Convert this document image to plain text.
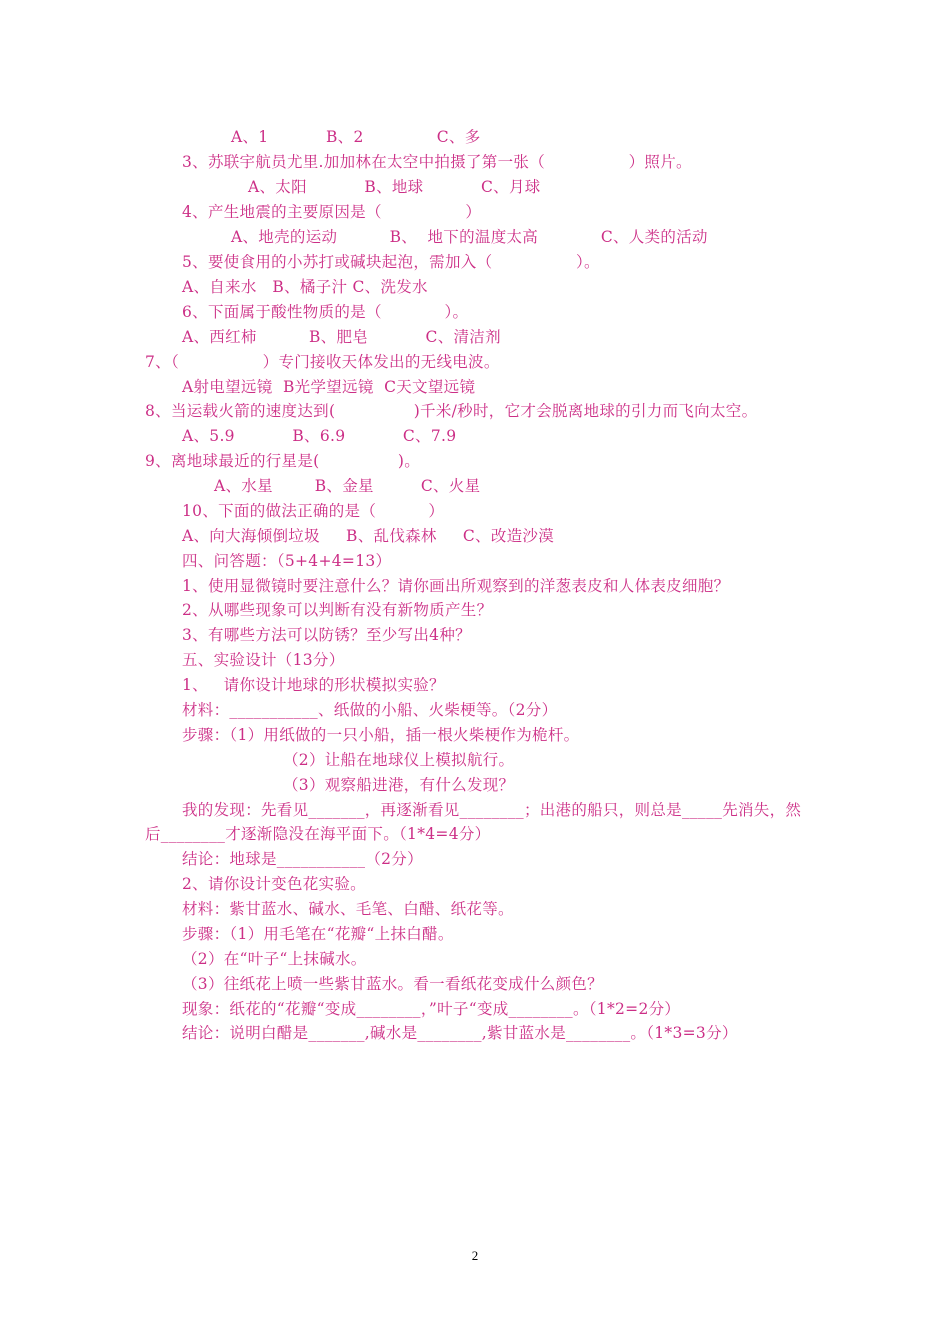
A、1           B、2              C、多
3、苏联宇航员尤里.加加林在太空中拍摄了第一张（                ）照片。
A、太阳           B、地球           C、月球
4、产生地震的主要原因是（                ）
A、地壳的运动          B、  地下的温度太高            C、人类的活动
5、要使食用的小苏打或碱块起泡，需加入（                ）。
A、自来水   B、橘子汁 C、洗发水
6、下面属于酸性物质的是（            ）。
A、西红柿          B、肥皂           C、清洁剂
7、（                ）专门接收天体发出的无线电波。
A射电望远镜  B光学望远镜  C天文望远镜
8、当运载火箭的速度达到(               )千米/秒时，它才会脱离地球的引力而飞向太空。
A、5.9           B、6.9           C、7.9
9、离地球最近的行星是(               )。
A、水星        B、金星         C、火星
10、下面的做法正确的是（          ）
A、向大海倾倒垃圾     B、乱伐森林     C、改造沙漠
四、问答题：（5+4+4=13）
1、使用显微镜时要注意什么？请你画出所观察到的洋葱表皮和人体表皮细胞？
2、从哪些现象可以判断有没有新物质产生？
3、有哪些方法可以防锈？至少写出4种？
五、实验设计（13分）
1、   请你设计地球的形状模拟实验？
材料：___________、纸做的小船、火柴梗等。（2分）
步骤：（1）用纸做的一只小船，插一根火柴梗作为桅杆。
（2）让船在地球仪上模拟航行。
（3）观察船进港，有什么发现？
我的发现：先看见_______，再逐渐看见________；出港的船只，则总是_____先消失，然
后________才逐渐隐没在海平面下。（1*4=4分）
结论：地球是___________（2分）
2、请你设计变色花实验。
材料：紫甘蓝水、碱水、毛笔、白醋、纸花等。
步骤：（1）用毛笔在“花瓣“上抹白醋。
（2）在“叶子“上抹碱水。
（3）往纸花上喷一些紫甘蓝水。看一看纸花变成什么颜色？
现象：纸花的“花瓣“变成________，”叶子“变成________。（1*2=2分）
结论：说明白醋是_______,碱水是________,紫甘蓝水是________。（1*3=3分）
2
